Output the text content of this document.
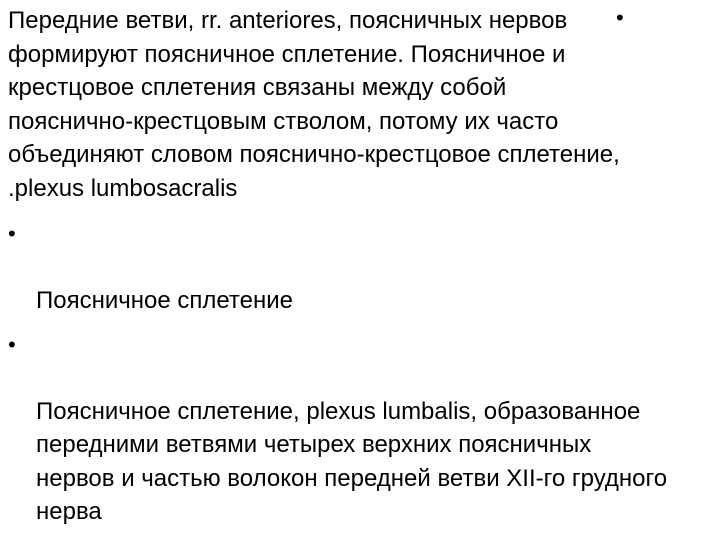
•
Передние ветви, rr. anteriores, поясничных нервов
формируют поясничное сплетение. Поясничное и
крестцовое сплетения связаны между собой
пояснично-крестцовым стволом, потому их часто
объединяют словом пояснично-крестцовое сплетение,
.plexus lumbosacralis

•

Поясничное сплетение

•

Поясничное сплетение, plexus lumbalis, образованное
передними ветвями четырех верхних поясничных
нервов и частью волокон передней ветви XII-го грудного
нерва
